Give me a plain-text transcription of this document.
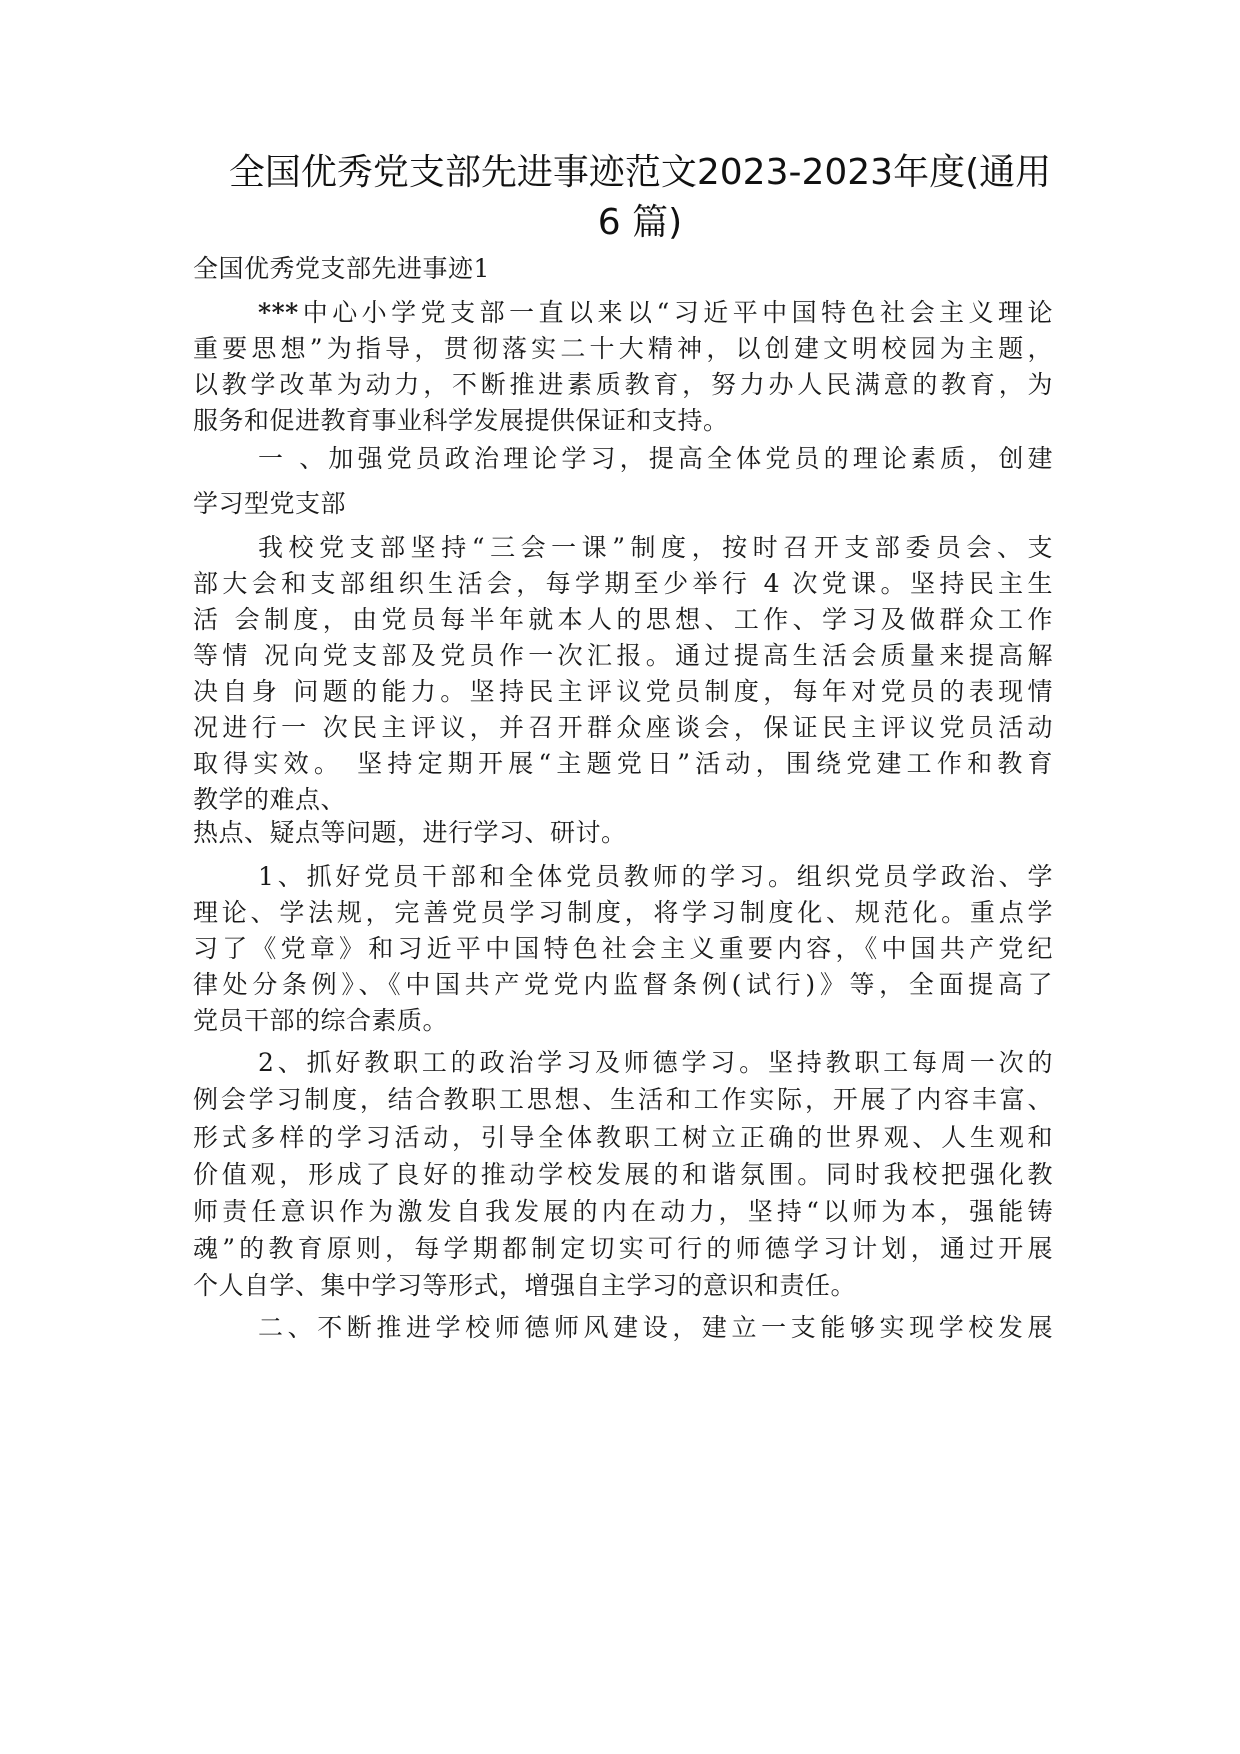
全国优秀党支部先进事迹范文2023-2023年度(通用
6 篇)
全国优秀党支部先进事迹1
***中心小学党支部一直以来以“习近平中国特色社会主义理论
重要思想”为指导，贯彻落实二十大精神，以创建文明校园为主题，
以教学改革为动力，不断推进素质教育，努力办人民满意的教育，为
服务和促进教育事业科学发展提供保证和支持。
一 、加强党员政治理论学习，提高全体党员的理论素质，创建
学习型党支部
我校党支部坚持“三会一课”制度，按时召开支部委员会、支
部大会和支部组织生活会，每学期至少举行 4 次党课。坚持民主生
活 会制度，由党员每半年就本人的思想、工作、学习及做群众工作
等情 况向党支部及党员作一次汇报。通过提高生活会质量来提高解
决自身 问题的能力。坚持民主评议党员制度，每年对党员的表现情
况进行一 次民主评议，并召开群众座谈会，保证民主评议党员活动
取得实效。 坚持定期开展“主题党日”活动，围绕党建工作和教育
教学的难点、
热点、疑点等问题，进行学习、研讨。
1、抓好党员干部和全体党员教师的学习。组织党员学政治、学
理论、学法规，完善党员学习制度，将学习制度化、规范化。重点学
习了《党章》和习近平中国特色社会主义重要内容，《中国共产党纪
律处分条例》、《中国共产党党内监督条例(试行)》等，全面提高了
党员干部的综合素质。
2、抓好教职工的政治学习及师德学习。坚持教职工每周一次的
例会学习制度，结合教职工思想、生活和工作实际，开展了内容丰富、
形式多样的学习活动，引导全体教职工树立正确的世界观、人生观和
价值观，形成了良好的推动学校发展的和谐氛围。同时我校把强化教
师责任意识作为激发自我发展的内在动力，坚持“以师为本，强能铸
魂”的教育原则，每学期都制定切实可行的师德学习计划，通过开展
个人自学、集中学习等形式，增强自主学习的意识和责任。
二、不断推进学校师德师风建设，建立一支能够实现学校发展
